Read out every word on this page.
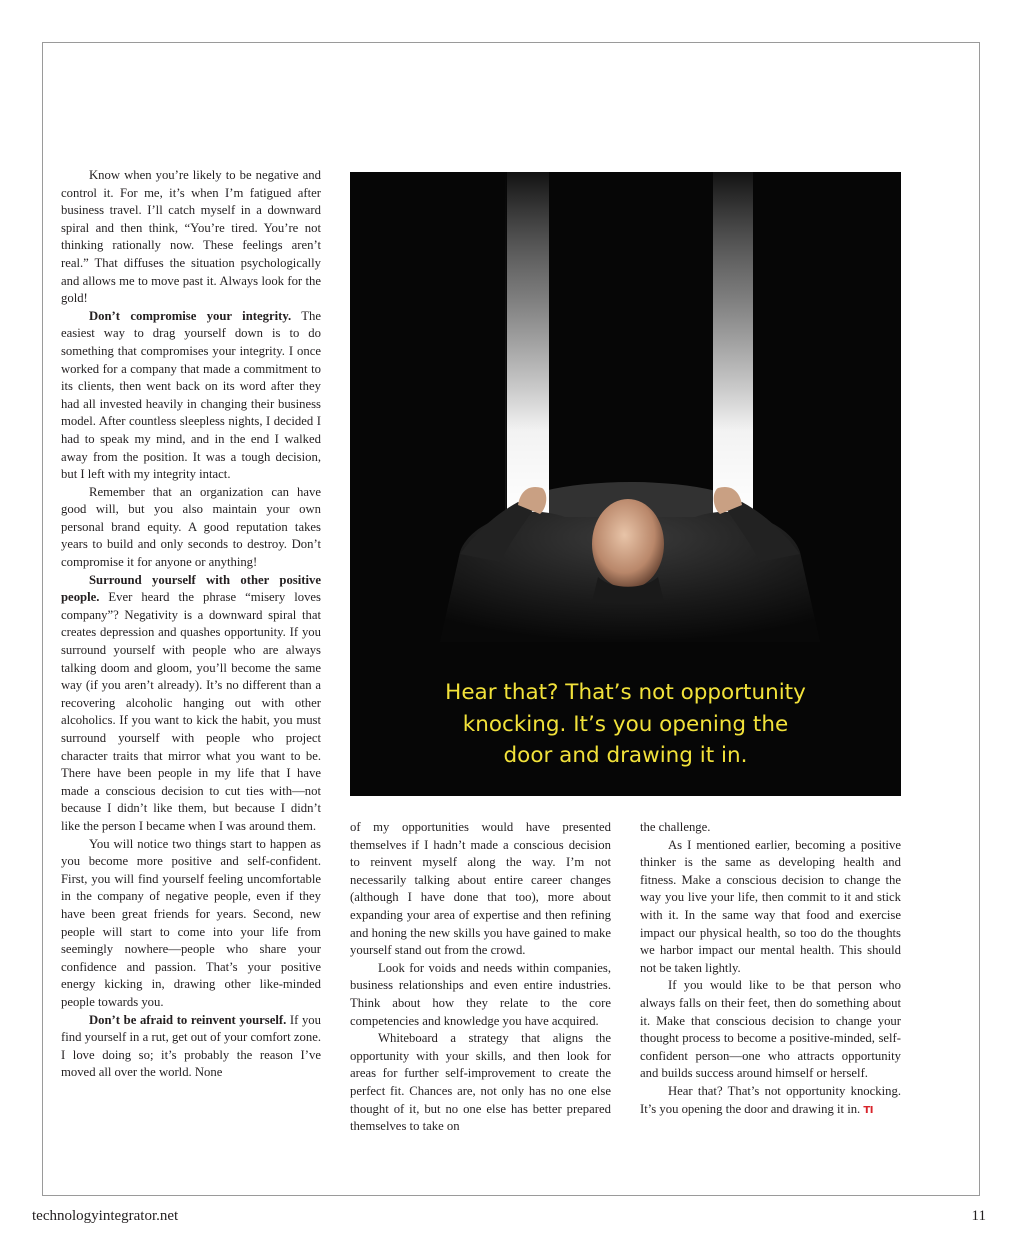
Know when you’re likely to be negative and control it. For me, it’s when I’m fatigued after business travel. I’ll catch myself in a downward spiral and then think, “You’re tired. You’re not thinking rationally now. These feelings aren’t real.” That diffuses the situation psychologically and allows me to move past it. Always look for the gold!

Don’t compromise your integrity. The easiest way to drag yourself down is to do something that compromises your integrity. I once worked for a company that made a commitment to its clients, then went back on its word after they had all invested heavily in changing their business model. After countless sleepless nights, I decided I had to speak my mind, and in the end I walked away from the position. It was a tough decision, but I left with my integrity intact.

Remember that an organization can have good will, but you also maintain your own personal brand equity. A good reputation takes years to build and only seconds to destroy. Don’t compromise it for anyone or anything!

Surround yourself with other positive people. Ever heard the phrase “misery loves company”? Negativity is a downward spiral that creates depression and quashes opportunity. If you surround yourself with people who are always talking doom and gloom, you’ll become the same way (if you aren’t already). It’s no different than a recovering alcoholic hanging out with other alcoholics. If you want to kick the habit, you must surround yourself with people who project character traits that mirror what you want to be. There have been people in my life that I have made a conscious decision to cut ties with—not because I didn’t like them, but because I didn’t like the person I became when I was around them.

You will notice two things start to happen as you become more positive and self-confident. First, you will find yourself feeling uncomfortable in the company of negative people, even if they have been great friends for years. Second, new people will start to come into your life from seemingly nowhere—people who share your confidence and passion. That’s your positive energy kicking in, drawing other like-minded people towards you.

Don’t be afraid to reinvent yourself. If you find yourself in a rut, get out of your comfort zone. I love doing so; it’s probably the reason I’ve moved all over the world. None

Hear that? That’s not opportunity
knocking. It’s you opening the
door and drawing it in.

of my opportunities would have presented themselves if I hadn’t made a conscious decision to reinvent myself along the way. I’m not necessarily talking about entire career changes (although I have done that too), more about expanding your area of expertise and then refining and honing the new skills you have gained to make yourself stand out from the crowd.

Look for voids and needs within companies, business relationships and even entire industries. Think about how they relate to the core competencies and knowledge you have acquired.

Whiteboard a strategy that aligns the opportunity with your skills, and then look for areas for further self-improvement to create the perfect fit. Chances are, not only has no one else thought of it, but no one else has better prepared themselves to take on

the challenge.

As I mentioned earlier, becoming a positive thinker is the same as developing health and fitness. Make a conscious decision to change the way you live your life, then commit to it and stick with it. In the same way that food and exercise impact our physical health, so too do the thoughts we harbor impact our mental health. This should not be taken lightly.

If you would like to be that person who always falls on their feet, then do something about it. Make that conscious decision to change your thought process to become a positive-minded, self-confident person—one who attracts opportunity and builds success around himself or herself.

Hear that? That’s not opportunity knocking. It’s you opening the door and drawing it in. TI

technologyintegrator.net	11
